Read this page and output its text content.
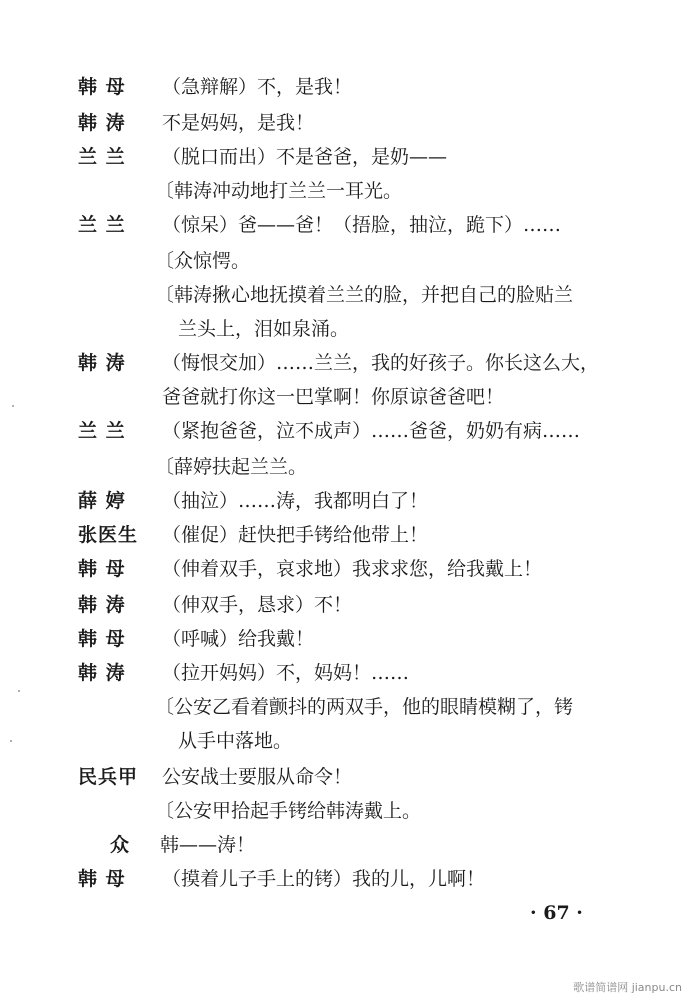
韩 母	（急辩解）不，是我！
韩 涛	不是妈妈，是我！
兰 兰	（脱口而出）不是爸爸，是奶——
〔韩涛冲动地打兰兰一耳光。
兰 兰	（惊呆）爸——爸！（捂脸，抽泣，跪下）……
〔众惊愕。
〔韩涛揪心地抚摸着兰兰的脸，并把自己的脸贴兰
兰头上，泪如泉涌。
韩 涛	（悔恨交加）……兰兰，我的好孩子。你长这么大，
爸爸就打你这一巴掌啊！你原谅爸爸吧！
兰 兰	（紧抱爸爸，泣不成声）……爸爸，奶奶有病……
〔薛婷扶起兰兰。
薛 婷	（抽泣）……涛，我都明白了！
张医生	（催促）赶快把手铐给他带上！
韩 母	（伸着双手，哀求地）我求求您，给我戴上！
韩 涛	（伸双手，恳求）不！
韩 母	（呼喊）给我戴！
韩 涛	（拉开妈妈）不，妈妈！……
〔公安乙看着颤抖的两双手，他的眼睛模糊了，铐
从手中落地。
民兵甲	公安战士要服从命令！
〔公安甲拾起手铐给韩涛戴上。
众 韩——涛！
韩 母	（摸着儿子手上的铐）我的儿，儿啊！
· 67 ·
歌谱简谱网 jianpu.cn
